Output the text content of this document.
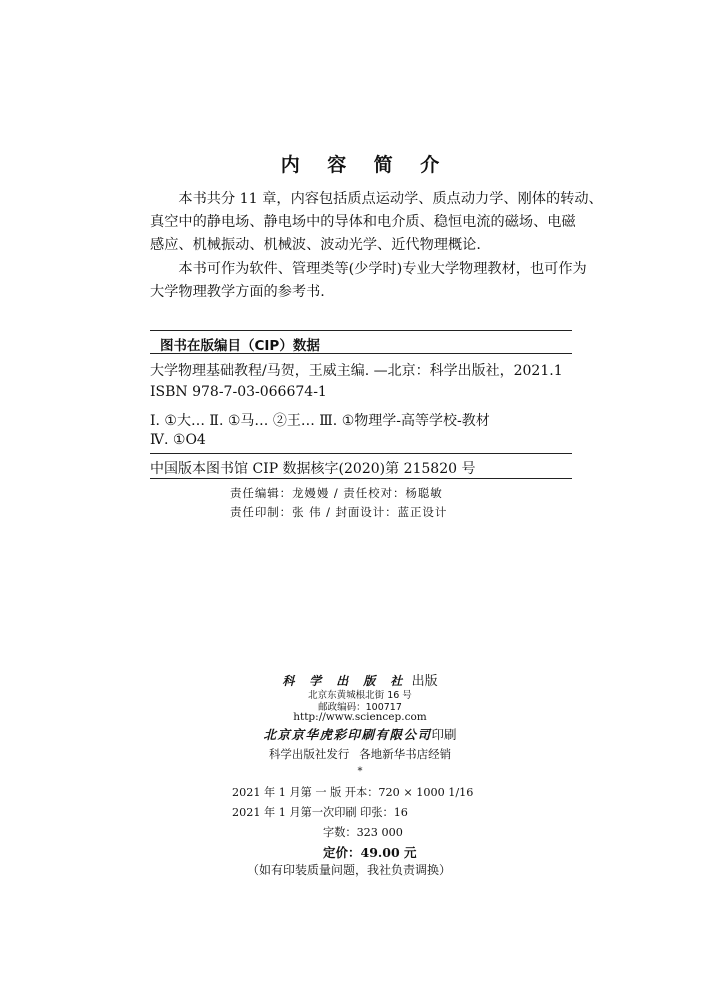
内 容 简 介
本书共分 11 章，内容包括质点运动学、质点动力学、刚体的转动、
真空中的静电场、静电场中的导体和电介质、稳恒电流的磁场、电磁
感应、机械振动、机械波、波动光学、近代物理概论.
本书可作为软件、管理类等(少学时)专业大学物理教材，也可作为
大学物理教学方面的参考书.
图书在版编目（CIP）数据
大学物理基础教程/马贺，王威主编. —北京：科学出版社，2021.1
ISBN 978-7-03-066674-1
Ⅰ. ①大… Ⅱ. ①马… ②王… Ⅲ. ①物理学-高等学校-教材
Ⅳ. ①O4
中国版本图书馆 CIP 数据核字(2020)第 215820 号
责任编辑：龙嫚嫚 / 责任校对：杨聪敏
责任印制：张 伟 / 封面设计：蓝正设计
科 学 出 版 社 出版
北京东黄城根北街 16 号
邮政编码：100717
http://www.sciencep.com
北京京华虎彩印刷有限公司印刷
科学出版社发行 各地新华书店经销
*
2021 年 1 月第 一 版 开本：720 × 1000 1/16
2021 年 1 月第一次印刷 印张：16
字数：323 000
定价：49.00 元
（如有印装质量问题，我社负责调换）
